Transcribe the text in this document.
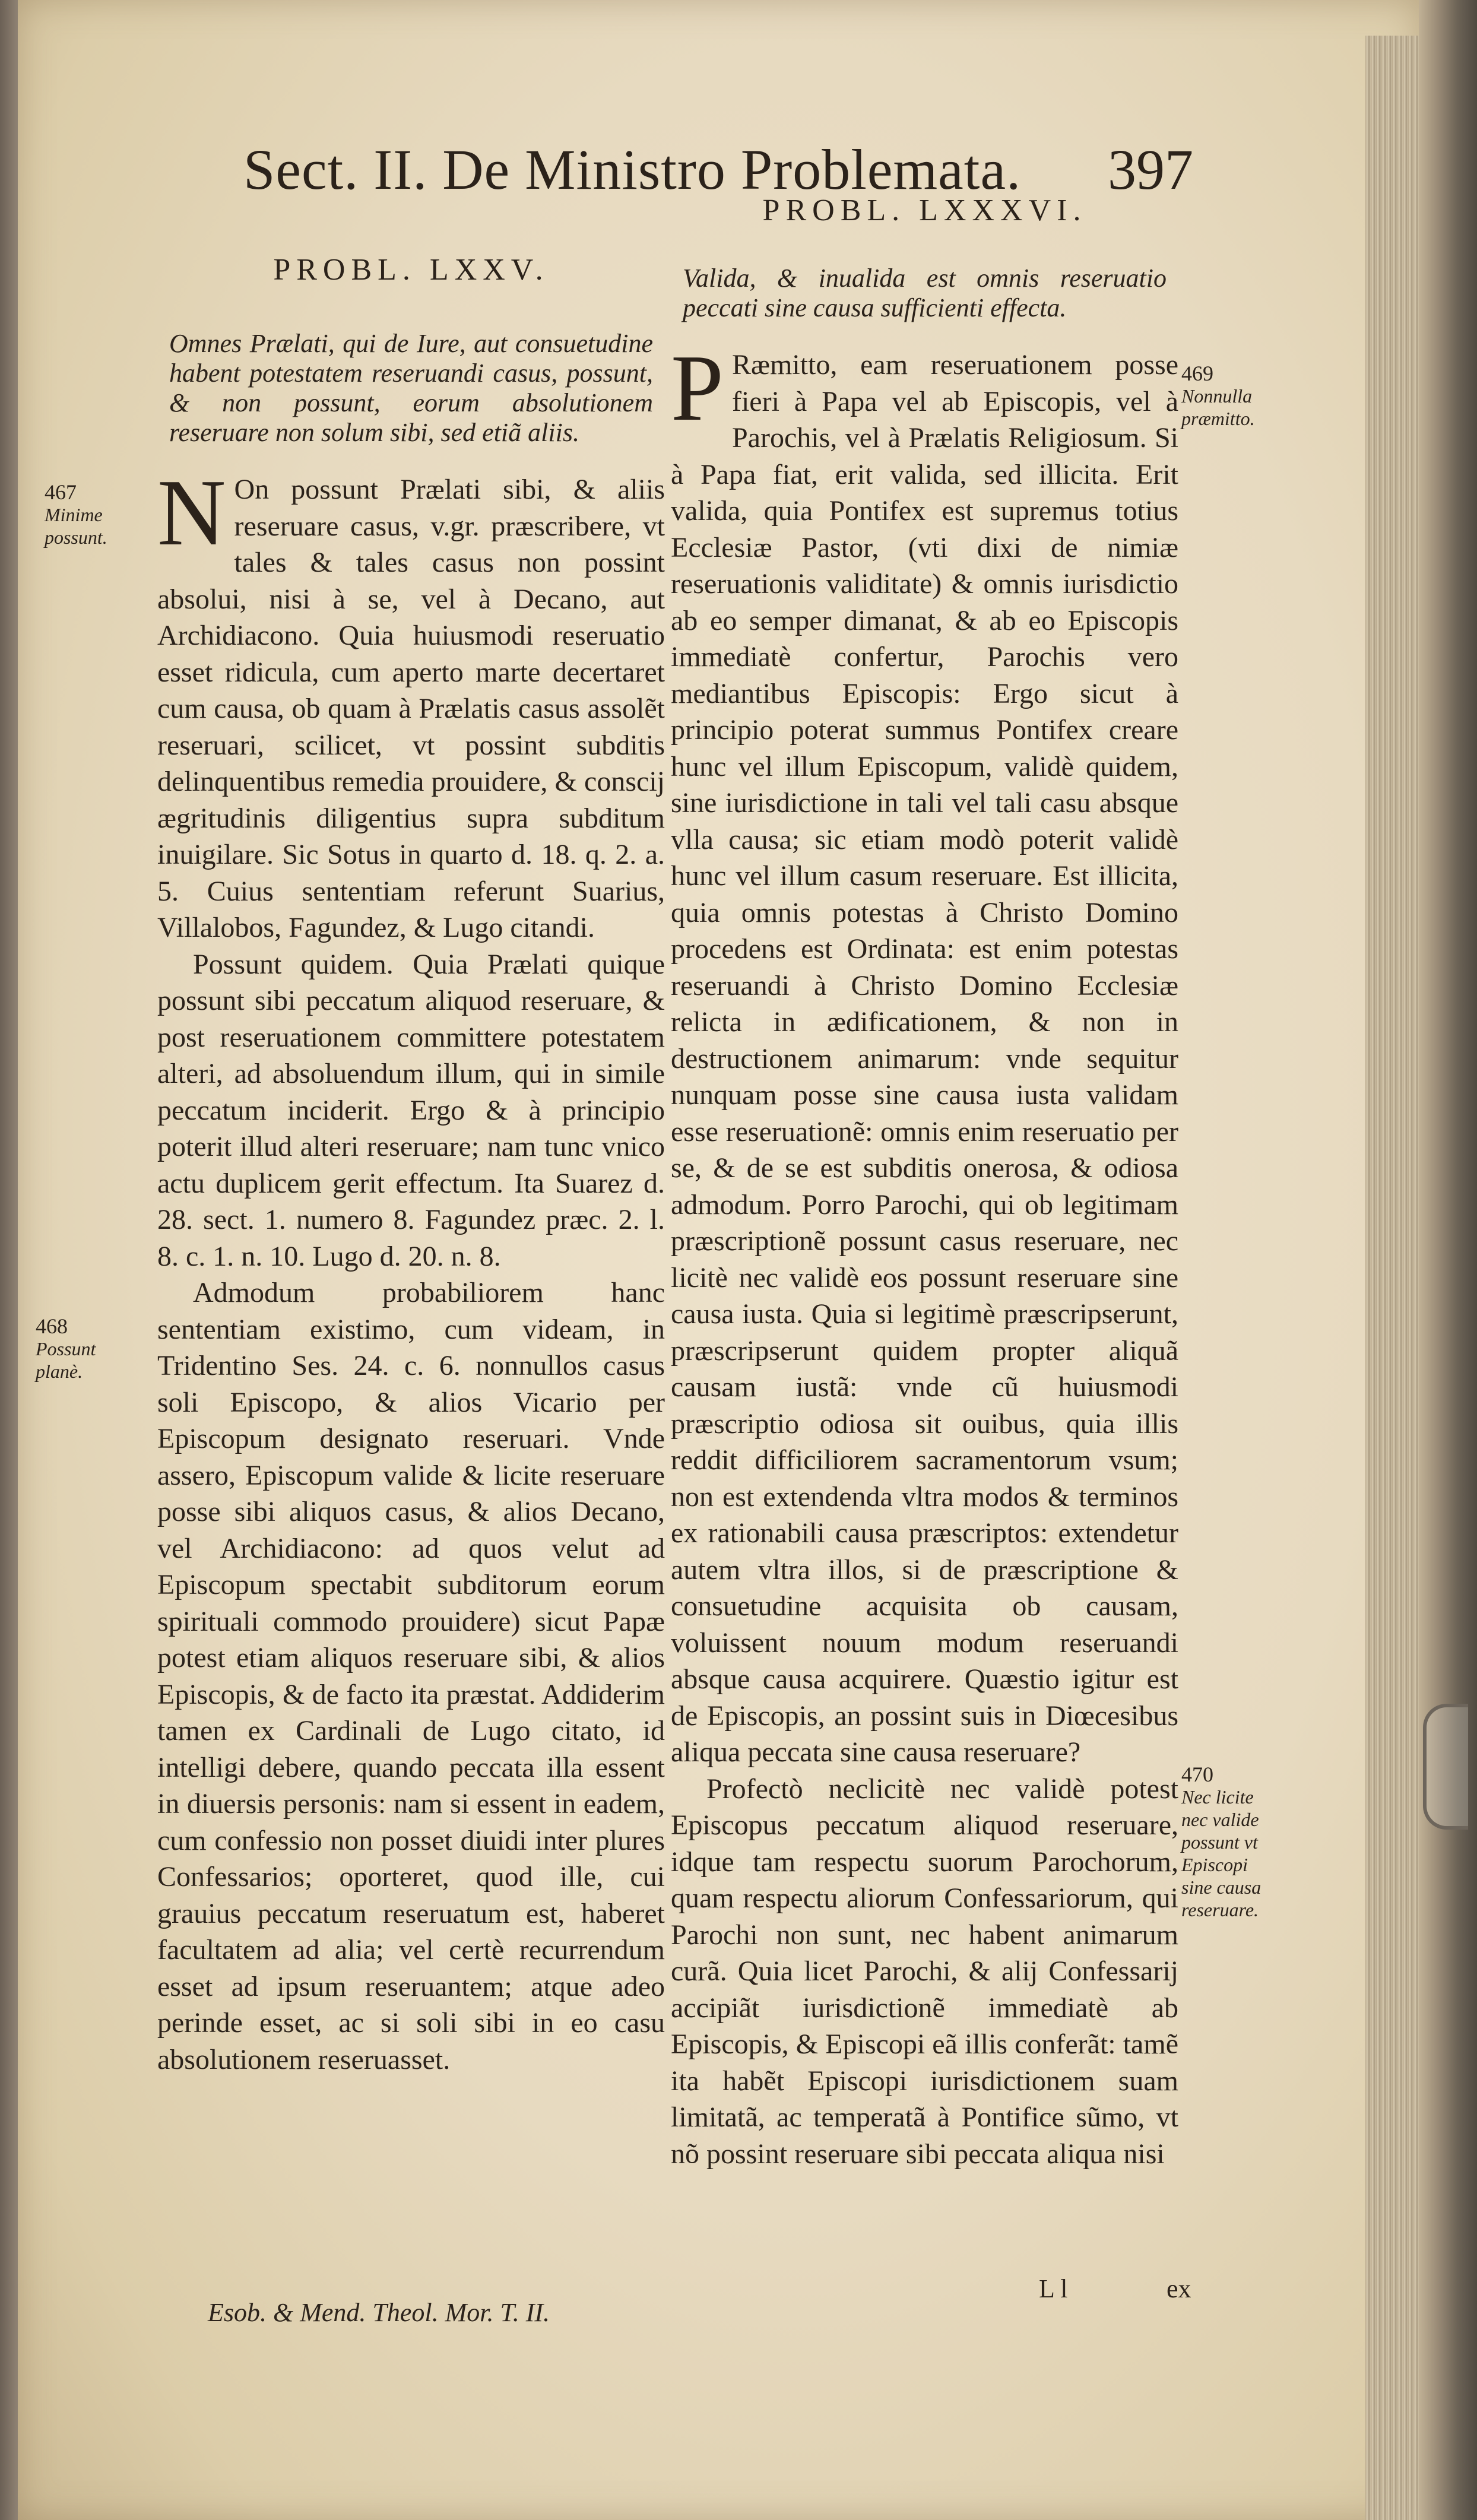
Sect. II. De Ministro Problemata. 397
PROBL. LXXV.
Omnes Prælati, qui de Iure, aut consuetudine habent potestatem reseruandi casus, possunt, & non possunt, eorum absolutionem reseruare non solum sibi, sed etiã aliis.

N On possunt Prælati sibi, & aliis reseruare casus, v.gr. præscribere, vt tales & tales casus non possint absolui, nisi à se, vel à Decano, aut Archidiacono. Quia huiusmodi reseruatio esset ridicula, cum aperto marte decertaret cum causa, ob quam à Prælatis casus assolẽt reseruari, scilicet, vt possint subditis delinquentibus remedia prouidere, & conscij ægritudinis diligentius supra subditum inuigilare. Sic Sotus in quarto d. 18. q. 2. a. 5. Cuius sententiam referunt Suarius, Villalobos, Fagundez, & Lugo citandi.

Possunt quidem. Quia Prælati quique possunt sibi peccatum aliquod reseruare, & post reseruationem committere potestatem alteri, ad absoluendum illum, qui in simile peccatum inciderit. Ergo & à principio poterit illud alteri reseruare; nam tunc vnico actu duplicem gerit effectum. Ita Suarez d. 28. sect. 1. numero 8. Fagundez præc. 2. l. 8. c. 1. n. 10. Lugo d. 20. n. 8.

Admodum probabiliorem hanc sententiam existimo, cum videam, in Tridentino Ses. 24. c. 6. nonnullos casus soli Episcopo, & alios Vicario per Episcopum designato reseruari. Vnde assero, Episcopum valide & licite reseruare posse sibi aliquos casus, & alios Decano, vel Archidiacono: ad quos velut ad Episcopum spectabit subditorum eorum spirituali commodo prouidere) sicut Papæ potest etiam aliquos reseruare sibi, & alios Episcopis, & de facto ita præstat. Addiderim tamen ex Cardinali de Lugo citato, id intelligi debere, quando peccata illa essent in diuersis personis: nam si essent in eadem, cum confessio non posset diuidi inter plures Confessarios; oporteret, quod ille, cui grauius peccatum reseruatum est, haberet facultatem ad alia; vel certè recurrendum esset ad ipsum reseruantem; atque adeo perinde esset, ac si soli sibi in eo casu absolutionem reseruasset.

467
Minime possunt.
468
Possunt planè.
PROBL. LXXXVI.
Valida, & inualida est omnis reseruatio peccati sine causa sufficienti effecta.

P Ræmitto, eam reseruationem posse fieri à Papa vel ab Episcopis, vel à Parochis, vel à Prælatis Religiosum. Si à Papa fiat, erit valida, sed illicita. Erit valida, quia Pontifex est supremus totius Ecclesiæ Pastor, (vti dixi de nimiæ reseruationis validitate) & omnis iurisdictio ab eo semper dimanat, & ab eo Episcopis immediatè confertur, Parochis vero mediantibus Episcopis: Ergo sicut à principio poterat summus Pontifex creare hunc vel illum Episcopum, validè quidem, sine iurisdictione in tali vel tali casu absque vlla causa; sic etiam modò poterit validè hunc vel illum casum reseruare. Est illicita, quia omnis potestas à Christo Domino procedens est Ordinata: est enim potestas reseruandi à Christo Domino Ecclesiæ relicta in ædificationem, & non in destructionem animarum: vnde sequitur nunquam posse sine causa iusta validam esse reseruationẽ: omnis enim reseruatio per se, & de se est subditis onerosa, & odiosa admodum. Porro Parochi, qui ob legitimam præscriptionẽ possunt casus reseruare, nec licitè nec validè eos possunt reseruare sine causa iusta. Quia si legitimè præscripserunt, præscripserunt quidem propter aliquã causam iustã: vnde cũ huiusmodi præscriptio odiosa sit ouibus, quia illis reddit difficiliorem sacramentorum vsum; non est extendenda vltra modos & terminos ex rationabili causa præscriptos: extendetur autem vltra illos, si de præscriptione & consuetudine acquisita ob causam, voluissent nouum modum reseruandi absque causa acquirere. Quæstio igitur est de Episcopis, an possint suis in Diœcesibus aliqua peccata sine causa reseruare?

Profectò neclicitè nec validè potest Episcopus peccatum aliquod reseruare, idque tam respectu suorum Parochorum, quam respectu aliorum Confessariorum, qui Parochi non sunt, nec habent animarum curã. Quia licet Parochi, & alij Confessarij accipiãt iurisdictionẽ immediatè ab Episcopis, & Episcopi eã illis conferãt: tamẽ ita habẽt Episcopi iurisdictionem suam limitatã, ac temperatã à Pontifice sũmo, vt nõ possint reseruare sibi peccata aliqua nisi

469
Nonnulla præmitto.
470
Nec licite nec valide possunt vt Episcopi sine causa reseruare.
Esob. & Mend. Theol. Mor. T. II.
L l	ex
